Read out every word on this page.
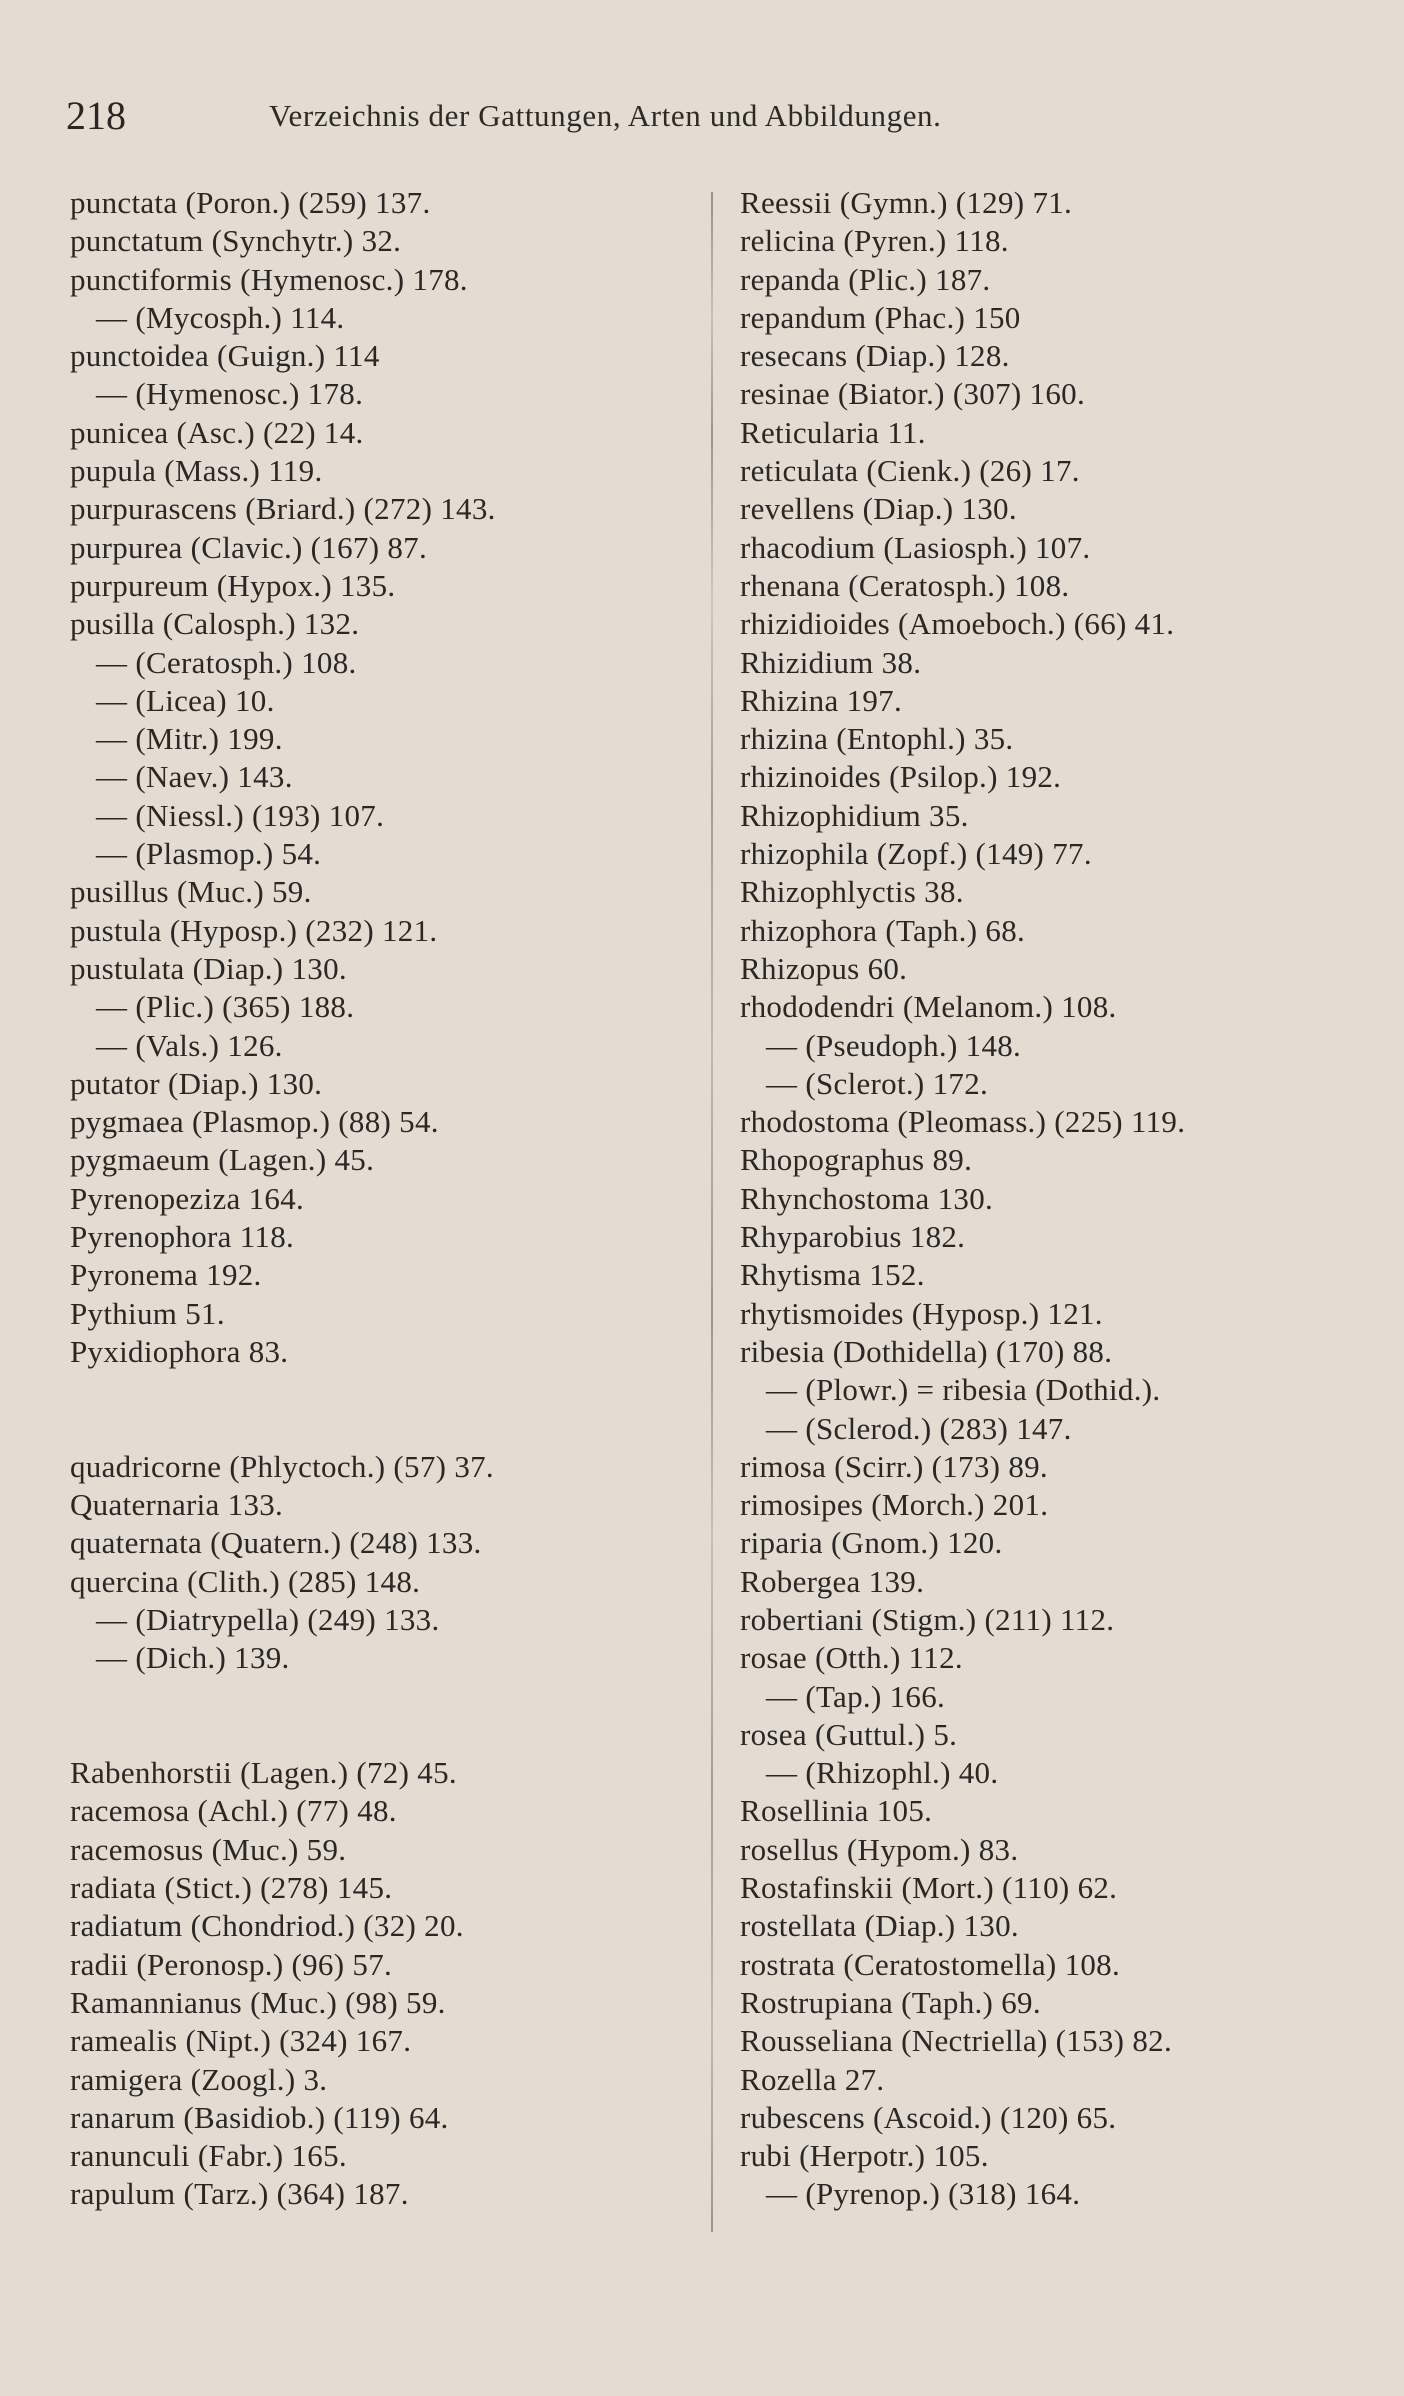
218	Verzeichnis der Gattungen, Arten und Abbildungen.
punctata (Poron.) (259) 137.
punctatum (Synchytr.) 32.
punctiformis (Hymenosc.) 178.
— (Mycosph.) 114.
punctoidea (Guign.) 114
— (Hymenosc.) 178.
punicea (Asc.) (22) 14.
pupula (Mass.) 119.
purpurascens (Briard.) (272) 143.
purpurea (Clavic.) (167) 87.
purpureum (Hypox.) 135.
pusilla (Calosph.) 132.
— (Ceratosph.) 108.
— (Licea) 10.
— (Mitr.) 199.
— (Naev.) 143.
— (Niessl.) (193) 107.
— (Plasmop.) 54.
pusillus (Muc.) 59.
pustula (Hyposp.) (232) 121.
pustulata (Diap.) 130.
— (Plic.) (365) 188.
— (Vals.) 126.
putator (Diap.) 130.
pygmaea (Plasmop.) (88) 54.
pygmaeum (Lagen.) 45.
Pyrenopeziza 164.
Pyrenophora 118.
Pyronema 192.
Pythium 51.
Pyxidiophora 83.
quadricorne (Phlyctoch.) (57) 37.
Quaternaria 133.
quaternata (Quatern.) (248) 133.
quercina (Clith.) (285) 148.
— (Diatrypella) (249) 133.
— (Dich.) 139.
Rabenhorstii (Lagen.) (72) 45.
racemosa (Achl.) (77) 48.
racemosus (Muc.) 59.
radiata (Stict.) (278) 145.
radiatum (Chondriod.) (32) 20.
radii (Peronosp.) (96) 57.
Ramannianus (Muc.) (98) 59.
ramealis (Nipt.) (324) 167.
ramigera (Zoogl.) 3.
ranarum (Basidiob.) (119) 64.
ranunculi (Fabr.) 165.
rapulum (Tarz.) (364) 187.
Reessii (Gymn.) (129) 71.
relicina (Pyren.) 118.
repanda (Plic.) 187.
repandum (Phac.) 150
resecans (Diap.) 128.
resinae (Biator.) (307) 160.
Reticularia 11.
reticulata (Cienk.) (26) 17.
revellens (Diap.) 130.
rhacodium (Lasiosph.) 107.
rhenana (Ceratosph.) 108.
rhizidioides (Amoeboch.) (66) 41.
Rhizidium 38.
Rhizina 197.
rhizina (Entophl.) 35.
rhizinoides (Psilop.) 192.
Rhizophidium 35.
rhizophila (Zopf.) (149) 77.
Rhizophlyctis 38.
rhizophora (Taph.) 68.
Rhizopus 60.
rhododendri (Melanom.) 108.
— (Pseudoph.) 148.
— (Sclerot.) 172.
rhodostoma (Pleomass.) (225) 119.
Rhopographus 89.
Rhynchostoma 130.
Rhyparobius 182.
Rhytisma 152.
rhytismoides (Hyposp.) 121.
ribesia (Dothidella) (170) 88.
— (Plowr.) = ribesia (Dothid.).
— (Sclerod.) (283) 147.
rimosa (Scirr.) (173) 89.
rimosipes (Morch.) 201.
riparia (Gnom.) 120.
Robergea 139.
robertiani (Stigm.) (211) 112.
rosae (Otth.) 112.
— (Tap.) 166.
rosea (Guttul.) 5.
— (Rhizophl.) 40.
Rosellinia 105.
rosellus (Hypom.) 83.
Rostafinskii (Mort.) (110) 62.
rostellata (Diap.) 130.
rostrata (Ceratostomella) 108.
Rostrupiana (Taph.) 69.
Rousseliana (Nectriella) (153) 82.
Rozella 27.
rubescens (Ascoid.) (120) 65.
rubi (Herpotr.) 105.
— (Pyrenop.) (318) 164.
